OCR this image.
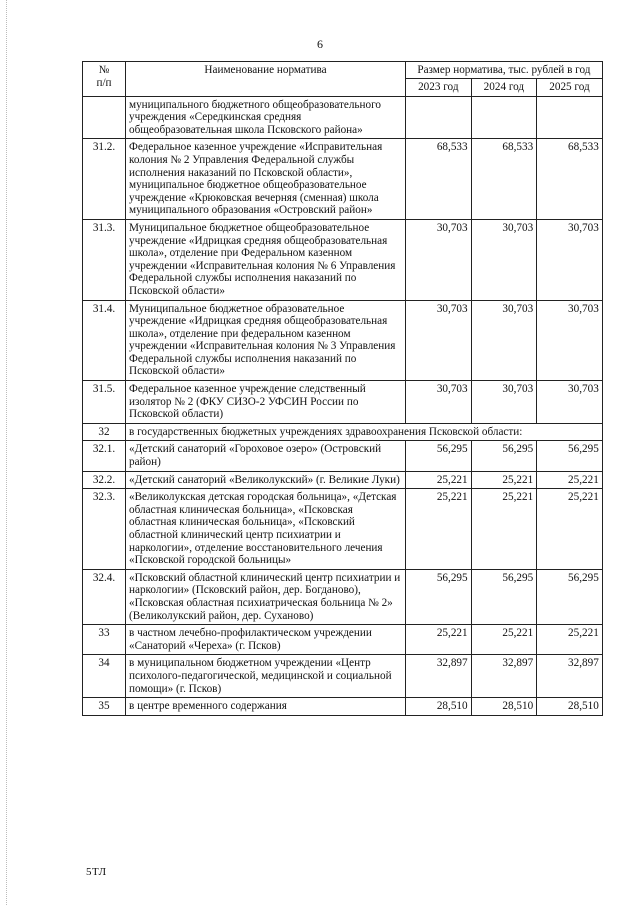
6
№
п/п	Наименование норматива	Размер норматива, тыс. рублей в год		
		2023 год	2024 год	2025 год
	муниципального бюджетного общеобразовательного учреждения «Середкинская средняя общеобразовательная школа Псковского района»			
31.2.	Федеральное казенное учреждение «Исправительная колония № 2 Управления Федеральной службы исполнения наказаний по Псковской области», муниципальное бюджетное общеобразовательное учреждение «Крюковская вечерняя (сменная) школа муниципального образования «Островский район»	68,533	68,533	68,533
31.3.	Муниципальное бюджетное общеобразовательное учреждение «Идрицкая средняя общеобразовательная школа», отделение при Федеральном казенном учреждении «Исправительная колония № 6 Управления Федеральной службы исполнения наказаний по Псковской области»	30,703	30,703	30,703
31.4.	Муниципальное бюджетное образовательное учреждение «Идрицкая средняя общеобразовательная школа», отделение при федеральном казенном учреждении «Исправительная колония № 3 Управления Федеральной службы исполнения наказаний по Псковской области»	30,703	30,703	30,703
31.5.	Федеральное казенное учреждение следственный изолятор № 2 (ФКУ СИЗО-2 УФСИН России по Псковской области)	30,703	30,703	30,703
32	в государственных бюджетных учреждениях здравоохранения Псковской области:			
32.1.	«Детский санаторий «Гороховое озеро» (Островский район)	56,295	56,295	56,295
32.2.	«Детский санаторий «Великолукский» (г. Великие Луки)	25,221	25,221	25,221
32.3.	«Великолукская детская городская больница», «Детская областная клиническая больница», «Псковская областная клиническая больница», «Псковский областной клинический центр психиатрии и наркологии», отделение восстановительного лечения «Псковской городской больницы»	25,221	25,221	25,221
32.4.	«Псковский областной клинический центр психиатрии и наркологии» (Псковский район, дер. Богданово), «Псковская областная психиатрическая больница № 2» (Великолукский район, дер. Суханово)	56,295	56,295	56,295
33	в частном лечебно-профилактическом учреждении «Санаторий «Череха» (г. Псков)	25,221	25,221	25,221
34	в муниципальном бюджетном учреждении «Центр психолого-педагогической, медицинской и социальной помощи» (г. Псков)	32,897	32,897	32,897
35	в центре временного содержания	28,510	28,510	28,510
5ТЛ
